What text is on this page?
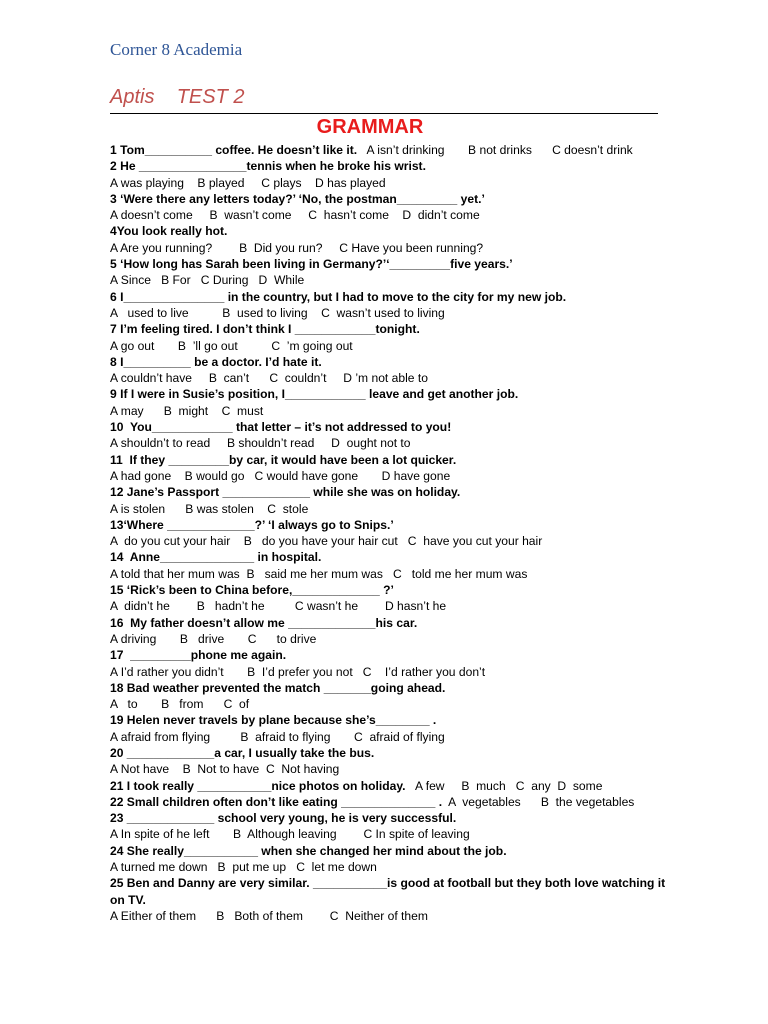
Corner 8 Academia
Aptis    TEST 2
GRAMMAR
1 Tom__________ coffee. He doesn’t like it.   A isn’t drinking       B not drinks      C doesn’t drink
2 He ________________tennis when he broke his wrist.
A was playing    B played     C plays    D has played
3 ‘Were there any letters today?’ ‘No, the postman_________ yet.’
A doesn’t come     B  wasn’t come     C  hasn’t come    D  didn’t come
4You look really hot.
A Are you running?        B  Did you run?     C Have you been running?
5 ‘How long has Sarah been living in Germany?’‘_________five years.’
A Since   B For   C During   D  While
6 I_______________ in the country, but I had to move to the city for my new job.
A   used to live          B  used to living    C  wasn’t used to living
7 I’m feeling tired. I don’t think I ____________tonight.
A go out       B  ’ll go out          C  ’m going out
8 I__________ be a doctor. I’d hate it.
A couldn’t have     B  can’t      C  couldn’t     D ’m not able to
9 If I were in Susie’s position, I____________ leave and get another job.
A may      B  might    C  must
10  You____________ that letter – it’s not addressed to you!
A shouldn’t to read     B shouldn’t read     D  ought not to
11  If they _________by car, it would have been a lot quicker.
A had gone    B would go   C would have gone       D have gone
12 Jane’s Passport _____________ while she was on holiday.
A is stolen      B was stolen    C  stole
13‘Where _____________?’ ‘I always go to Snips.’
A  do you cut your hair    B   do you have your hair cut   C  have you cut your hair
14  Anne______________ in hospital.
A told that her mum was  B   said me her mum was   C   told me her mum was
15 ‘Rick’s been to China before,_____________ ?’
A  didn’t he        B   hadn’t he         C wasn’t he        D hasn’t he
16  My father doesn’t allow me _____________his car.
A driving       B   drive       C      to drive
17  _________phone me again.
A I’d rather you didn’t       B  I’d prefer you not   C    I’d rather you don’t
18 Bad weather prevented the match _______going ahead.
A   to       B   from      C  of
19 Helen never travels by plane because she’s________ .
A afraid from flying         B  afraid to flying       C  afraid of flying
20 _____________a car, I usually take the bus.
A Not have    B  Not to have  C  Not having
21 I took really ___________nice photos on holiday.   A few     B  much   C  any  D  some
22 Small children often don’t like eating ______________ .  A  vegetables      B  the vegetables
23 _____________ school very young, he is very successful.
A In spite of he left       B  Although leaving        C In spite of leaving
24 She really___________ when she changed her mind about the job.
A turned me down   B  put me up   C  let me down
25 Ben and Danny are very similar. ___________is good at football but they both love watching it on TV.
A Either of them      B   Both of them        C  Neither of them
